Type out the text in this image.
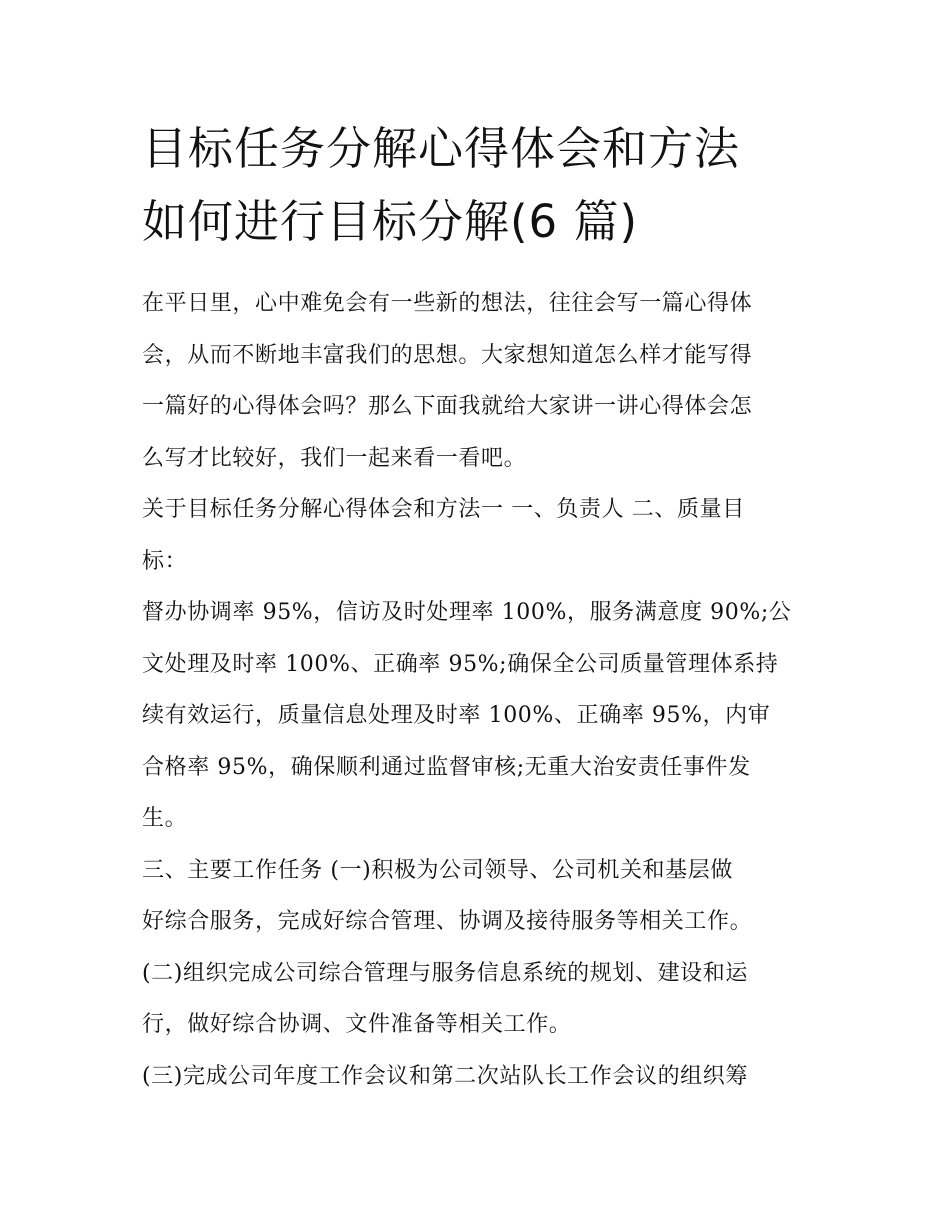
目标任务分解心得体会和方法
如何进行目标分解(6 篇)

在平日里，心中难免会有一些新的想法，往往会写一篇心得体
会，从而不断地丰富我们的思想。大家想知道怎么样才能写得
一篇好的心得体会吗？那么下面我就给大家讲一讲心得体会怎
么写才比较好，我们一起来看一看吧。

关于目标任务分解心得体会和方法一 一、负责人 二、质量目
标：

督办协调率 95%，信访及时处理率 100%，服务满意度 90%;公
文处理及时率 100%、正确率 95%;确保全公司质量管理体系持
续有效运行，质量信息处理及时率 100%、正确率 95%，内审
合格率 95%，确保顺利通过监督审核;无重大治安责任事件发
生。

三、主要工作任务 (一)积极为公司领导、公司机关和基层做
好综合服务，完成好综合管理、协调及接待服务等相关工作。

(二)组织完成公司综合管理与服务信息系统的规划、建设和运
行，做好综合协调、文件准备等相关工作。

(三)完成公司年度工作会议和第二次站队长工作会议的组织筹
